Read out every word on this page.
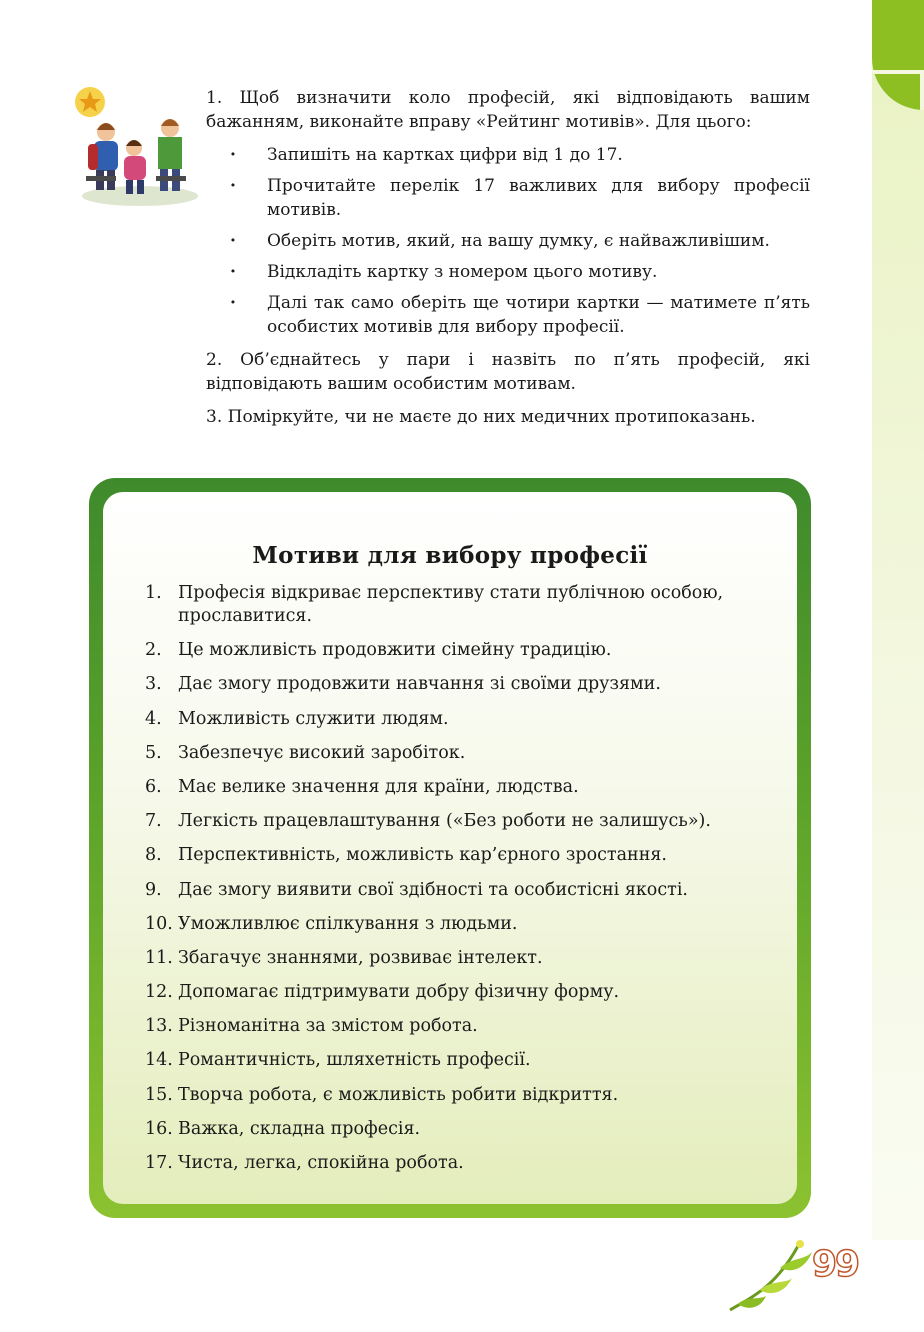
1. Щоб визначити коло професій, які відповідають вашим бажанням, виконайте вправу «Рейтинг мотивів». Для цього:

· Запишіть на картках цифри від 1 до 17.
· Прочитайте перелік 17 важливих для вибору професії мотивів.
· Оберіть мотив, який, на вашу думку, є найважливішим.
· Відкладіть картку з номером цього мотиву.
· Далі так само оберіть ще чотири картки — матимете п’ять особистих мотивів для вибору професії.

2. Об’єднайтесь у пари і назвіть по п’ять професій, які відповідають вашим особистим мотивам.

3. Поміркуйте, чи не маєте до них медичних протипоказань.

Мотиви для вибору професії
1. Професія відкриває перспективу стати публічною особою, прославитися.
2. Це можливість продовжити сімейну традицію.
3. Дає змогу продовжити навчання зі своїми друзями.
4. Можливість служити людям.
5. Забезпечує високий заробіток.
6. Має велике значення для країни, людства.
7. Легкість працевлаштування («Без роботи не залишусь»).
8. Перспективність, можливість кар’єрного зростання.
9. Дає змогу виявити свої здібності та особистісні якості.
10. Уможливлює спілкування з людьми.
11. Збагачує знаннями, розвиває інтелект.
12. Допомагає підтримувати добру фізичну форму.
13. Різноманітна за змістом робота.
14. Романтичність, шляхетність професії.
15. Творча робота, є можливість робити відкриття.
16. Важка, складна професія.
17. Чиста, легка, спокійна робота.
99
